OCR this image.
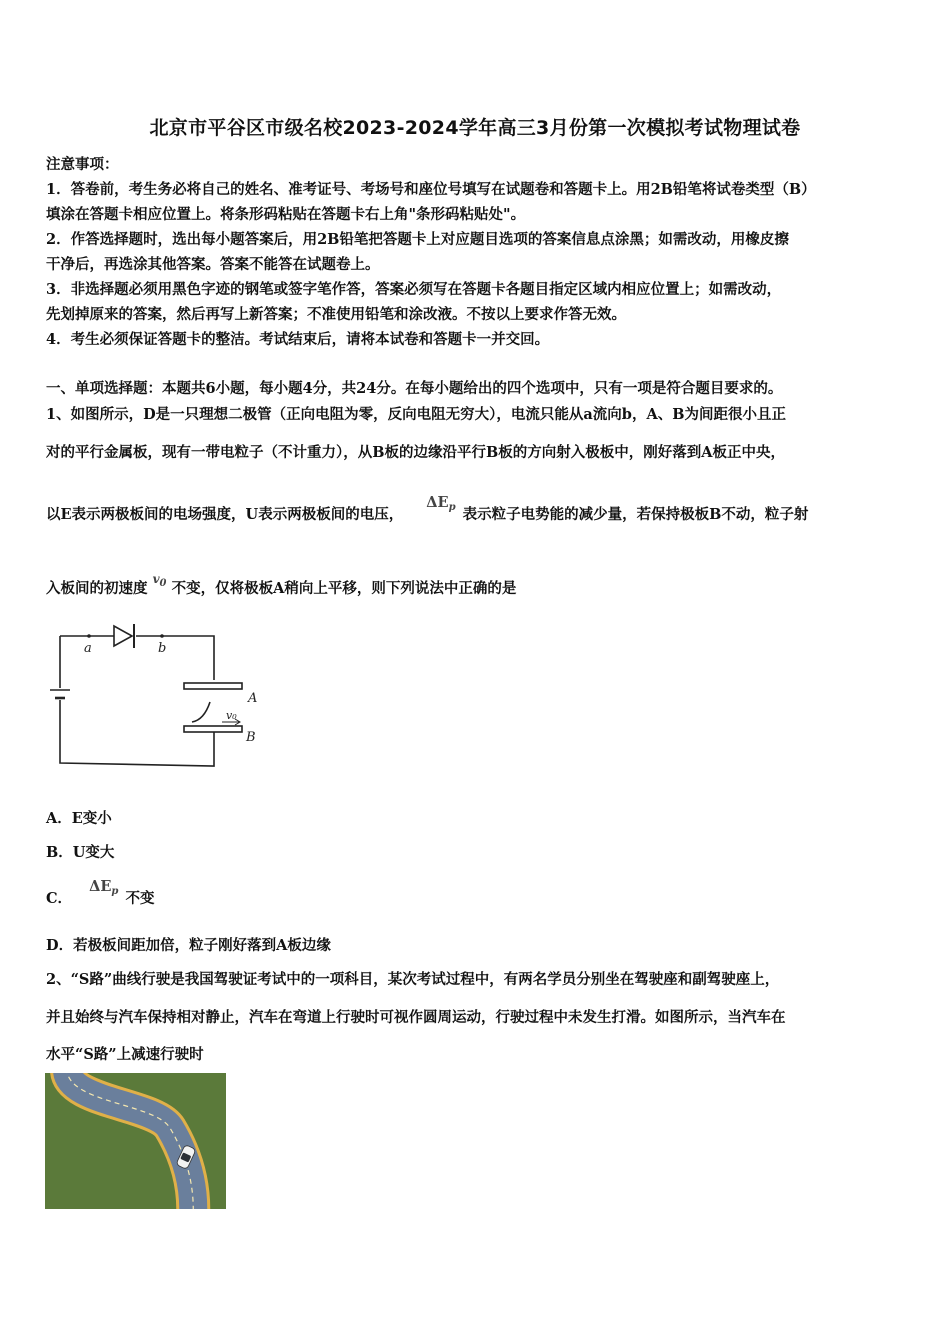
北京市平谷区市级名校2023-2024学年高三3月份第一次模拟考试物理试卷
注意事项：
1．答卷前，考生务必将自己的姓名、准考证号、考场号和座位号填写在试题卷和答题卡上。用2B铅笔将试卷类型（B）
填涂在答题卡相应位置上。将条形码粘贴在答题卡右上角"条形码粘贴处"。
2．作答选择题时，选出每小题答案后，用2B铅笔把答题卡上对应题目选项的答案信息点涂黑；如需改动，用橡皮擦
干净后，再选涂其他答案。答案不能答在试题卷上。
3．非选择题必须用黑色字迹的钢笔或签字笔作答，答案必须写在答题卡各题目指定区域内相应位置上；如需改动，
先划掉原来的答案，然后再写上新答案；不准使用铅笔和涂改液。不按以上要求作答无效。
4．考生必须保证答题卡的整洁。考试结束后，请将本试卷和答题卡一并交回。
一、单项选择题：本题共6小题，每小题4分，共24分。在每小题给出的四个选项中，只有一项是符合题目要求的。
1、如图所示，D是一只理想二极管（正向电阻为零，反向电阻无穷大），电流只能从a流向b，A、B为间距很小且正
对的平行金属板，现有一带电粒子（不计重力），从B板的边缘沿平行B板的方向射入极板中，刚好落到A板正中央，
以E表示两极板间的电场强度，U表示两极板间的电压， $\Delta E_p$ 表示粒子电势能的减少量，若保持极板B不动，粒子射
入板间的初速度 $^{v_0}$ 不变，仅将极板A稍向上平移，则下列说法中正确的是
a	b
A
B
v₀
A．E变小
B．U变大
C． $\Delta E_p$ 不变
D．若极板间距加倍，粒子刚好落到A板边缘
2、“S路”曲线行驶是我国驾驶证考试中的一项科目，某次考试过程中，有两名学员分别坐在驾驶座和副驾驶座上，
并且始终与汽车保持相对静止，汽车在弯道上行驶时可视作圆周运动，行驶过程中未发生打滑。如图所示，当汽车在
水平“S路”上减速行驶时
